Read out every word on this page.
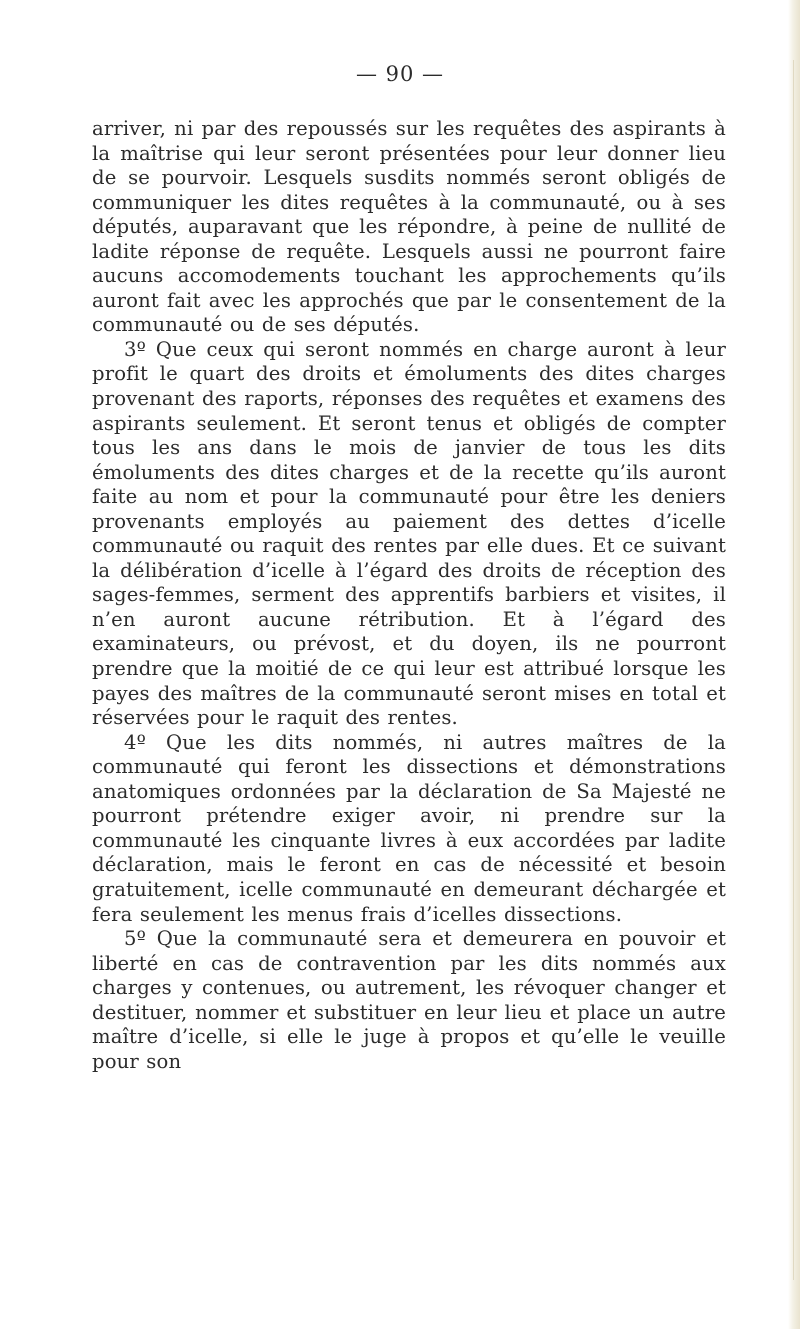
— 90 —

arriver, ni par des repoussés sur les requêtes des aspirants à la maîtrise qui leur seront présentées pour leur donner lieu de se pourvoir. Lesquels susdits nommés seront obligés de communiquer les dites requêtes à la communauté, ou à ses députés, auparavant que les répondre, à peine de nullité de ladite réponse de requête. Lesquels aussi ne pourront faire aucuns accomodements touchant les approchements qu’ils auront fait avec les approchés que par le consentement de la communauté ou de ses députés.

3º Que ceux qui seront nommés en charge auront à leur profit le quart des droits et émoluments des dites charges provenant des raports, réponses des requêtes et examens des aspirants seulement. Et seront tenus et obligés de compter tous les ans dans le mois de janvier de tous les dits émoluments des dites charges et de la recette qu’ils auront faite au nom et pour la communauté pour être les deniers provenants employés au paiement des dettes d’icelle communauté ou raquit des rentes par elle dues. Et ce suivant la délibération d’icelle à l’égard des droits de réception des sages-femmes, serment des apprentifs barbiers et visites, il n’en auront aucune rétribution. Et à l’égard des examinateurs, ou prévost, et du doyen, ils ne pourront prendre que la moitié de ce qui leur est attribué lorsque les payes des maîtres de la communauté seront mises en total et réservées pour le raquit des rentes.

4º Que les dits nommés, ni autres maîtres de la communauté qui feront les dissections et démonstrations anatomiques ordonnées par la déclaration de Sa Majesté ne pourront prétendre exiger avoir, ni prendre sur la communauté les cinquante livres à eux accordées par ladite déclaration, mais le feront en cas de nécessité et besoin gratuitement, icelle communauté en demeurant déchargée et fera seulement les menus frais d’icelles dissections.

5º Que la communauté sera et demeurera en pouvoir et liberté en cas de contravention par les dits nommés aux charges y contenues, ou autrement, les révoquer changer et destituer, nommer et substituer en leur lieu et place un autre maître d’icelle, si elle le juge à propos et qu’elle le veuille pour son
